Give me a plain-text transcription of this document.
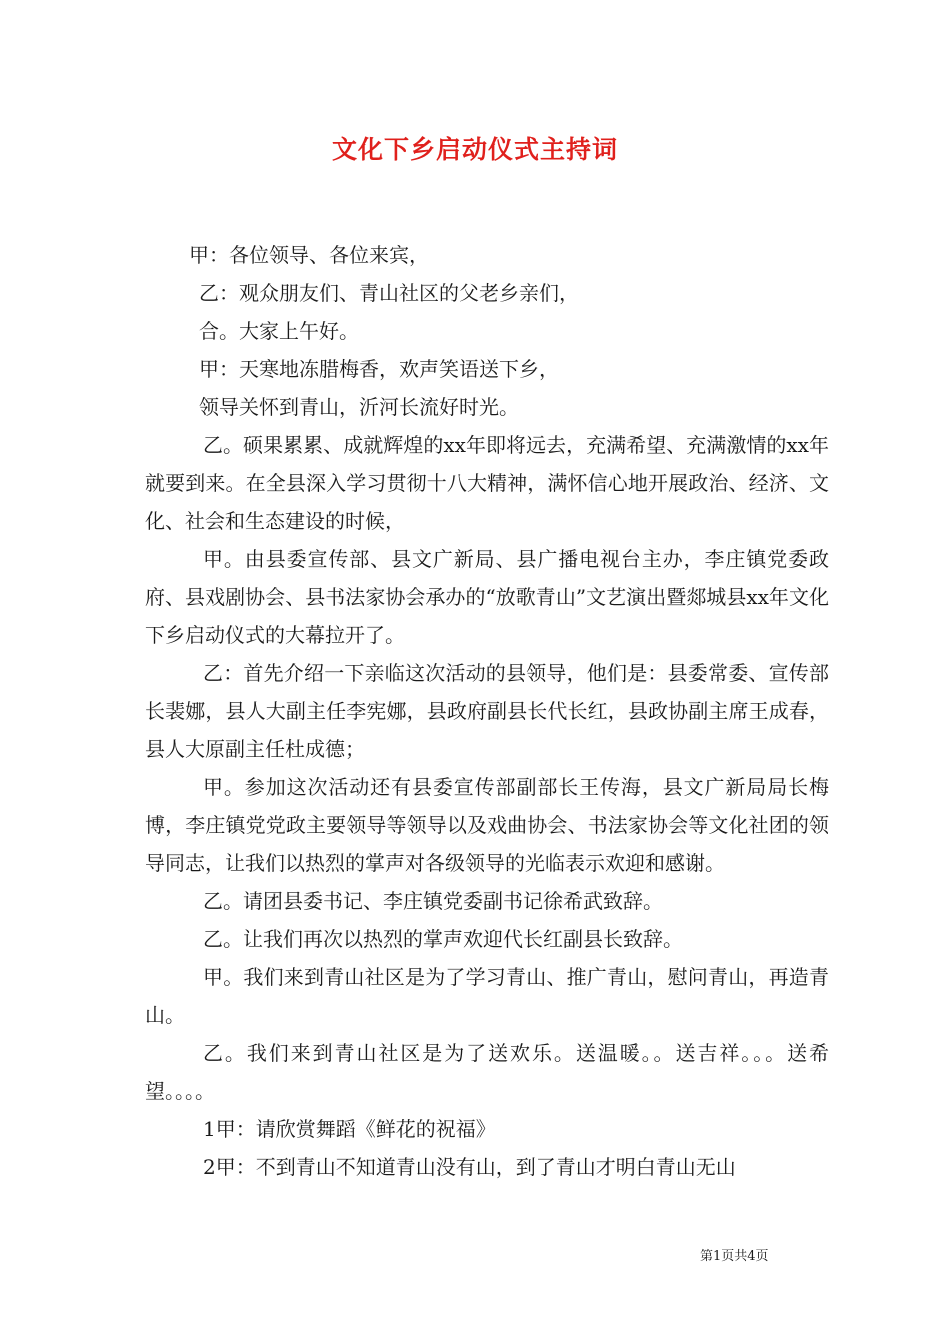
文化下乡启动仪式主持词

甲：各位领导、各位来宾，

乙：观众朋友们、青山社区的父老乡亲们，

合。大家上午好。

甲：天寒地冻腊梅香，欢声笑语送下乡，

领导关怀到青山，沂河长流好时光。

乙。硕果累累、成就辉煌的xx年即将远去，充满希望、充满激情的xx年就要到来。在全县深入学习贯彻十八大精神，满怀信心地开展政治、经济、文化、社会和生态建设的时候，

甲。由县委宣传部、县文广新局、县广播电视台主办，李庄镇党委政府、县戏剧协会、县书法家协会承办的“放歌青山”文艺演出暨郯城县xx年文化下乡启动仪式的大幕拉开了。

乙：首先介绍一下亲临这次活动的县领导，他们是：县委常委、宣传部长裴娜，县人大副主任李宪娜，县政府副县长代长红，县政协副主席王成春，县人大原副主任杜成德；

甲。参加这次活动还有县委宣传部副部长王传海，县文广新局局长梅博，李庄镇党党政主要领导等领导以及戏曲协会、书法家协会等文化社团的领导同志，让我们以热烈的掌声对各级领导的光临表示欢迎和感谢。

乙。请团县委书记、李庄镇党委副书记徐希武致辞。

乙。让我们再次以热烈的掌声欢迎代长红副县长致辞。

甲。我们来到青山社区是为了学习青山、推广青山，慰问青山，再造青山。

乙。我们来到青山社区是为了送欢乐。送温暖。。送吉祥。。。送希望。。。。

1甲：请欣赏舞蹈《鲜花的祝福》

2甲：不到青山不知道青山没有山，到了青山才明白青山无山

第1页共4页
